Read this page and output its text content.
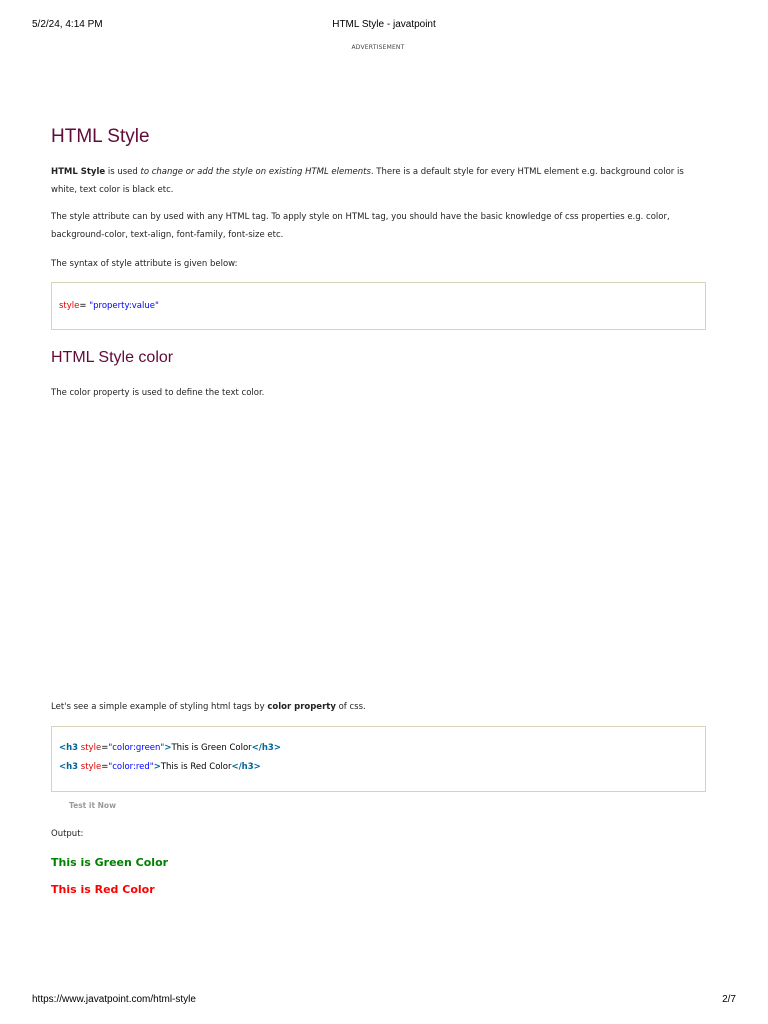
5/2/24, 4:14 PM	HTML Style - javatpoint
ADVERTISEMENT
HTML Style

HTML Style is used to change or add the style on existing HTML elements. There is a default style for every HTML element e.g. background color is white, text color is black etc.

The style attribute can by used with any HTML tag. To apply style on HTML tag, you should have the basic knowledge of css properties e.g. color, background-color, text-align, font-family, font-size etc.

The syntax of style attribute is given below:

style= "property:value"
HTML Style color

The color property is used to define the text color.

Let's see a simple example of styling html tags by color property of css.

<h3 style="color:green">This is Green Color</h3>
<h3 style="color:red">This is Red Color</h3>
Test it Now

Output:

This is Green Color
This is Red Color
https://www.javatpoint.com/html-style	2/7
